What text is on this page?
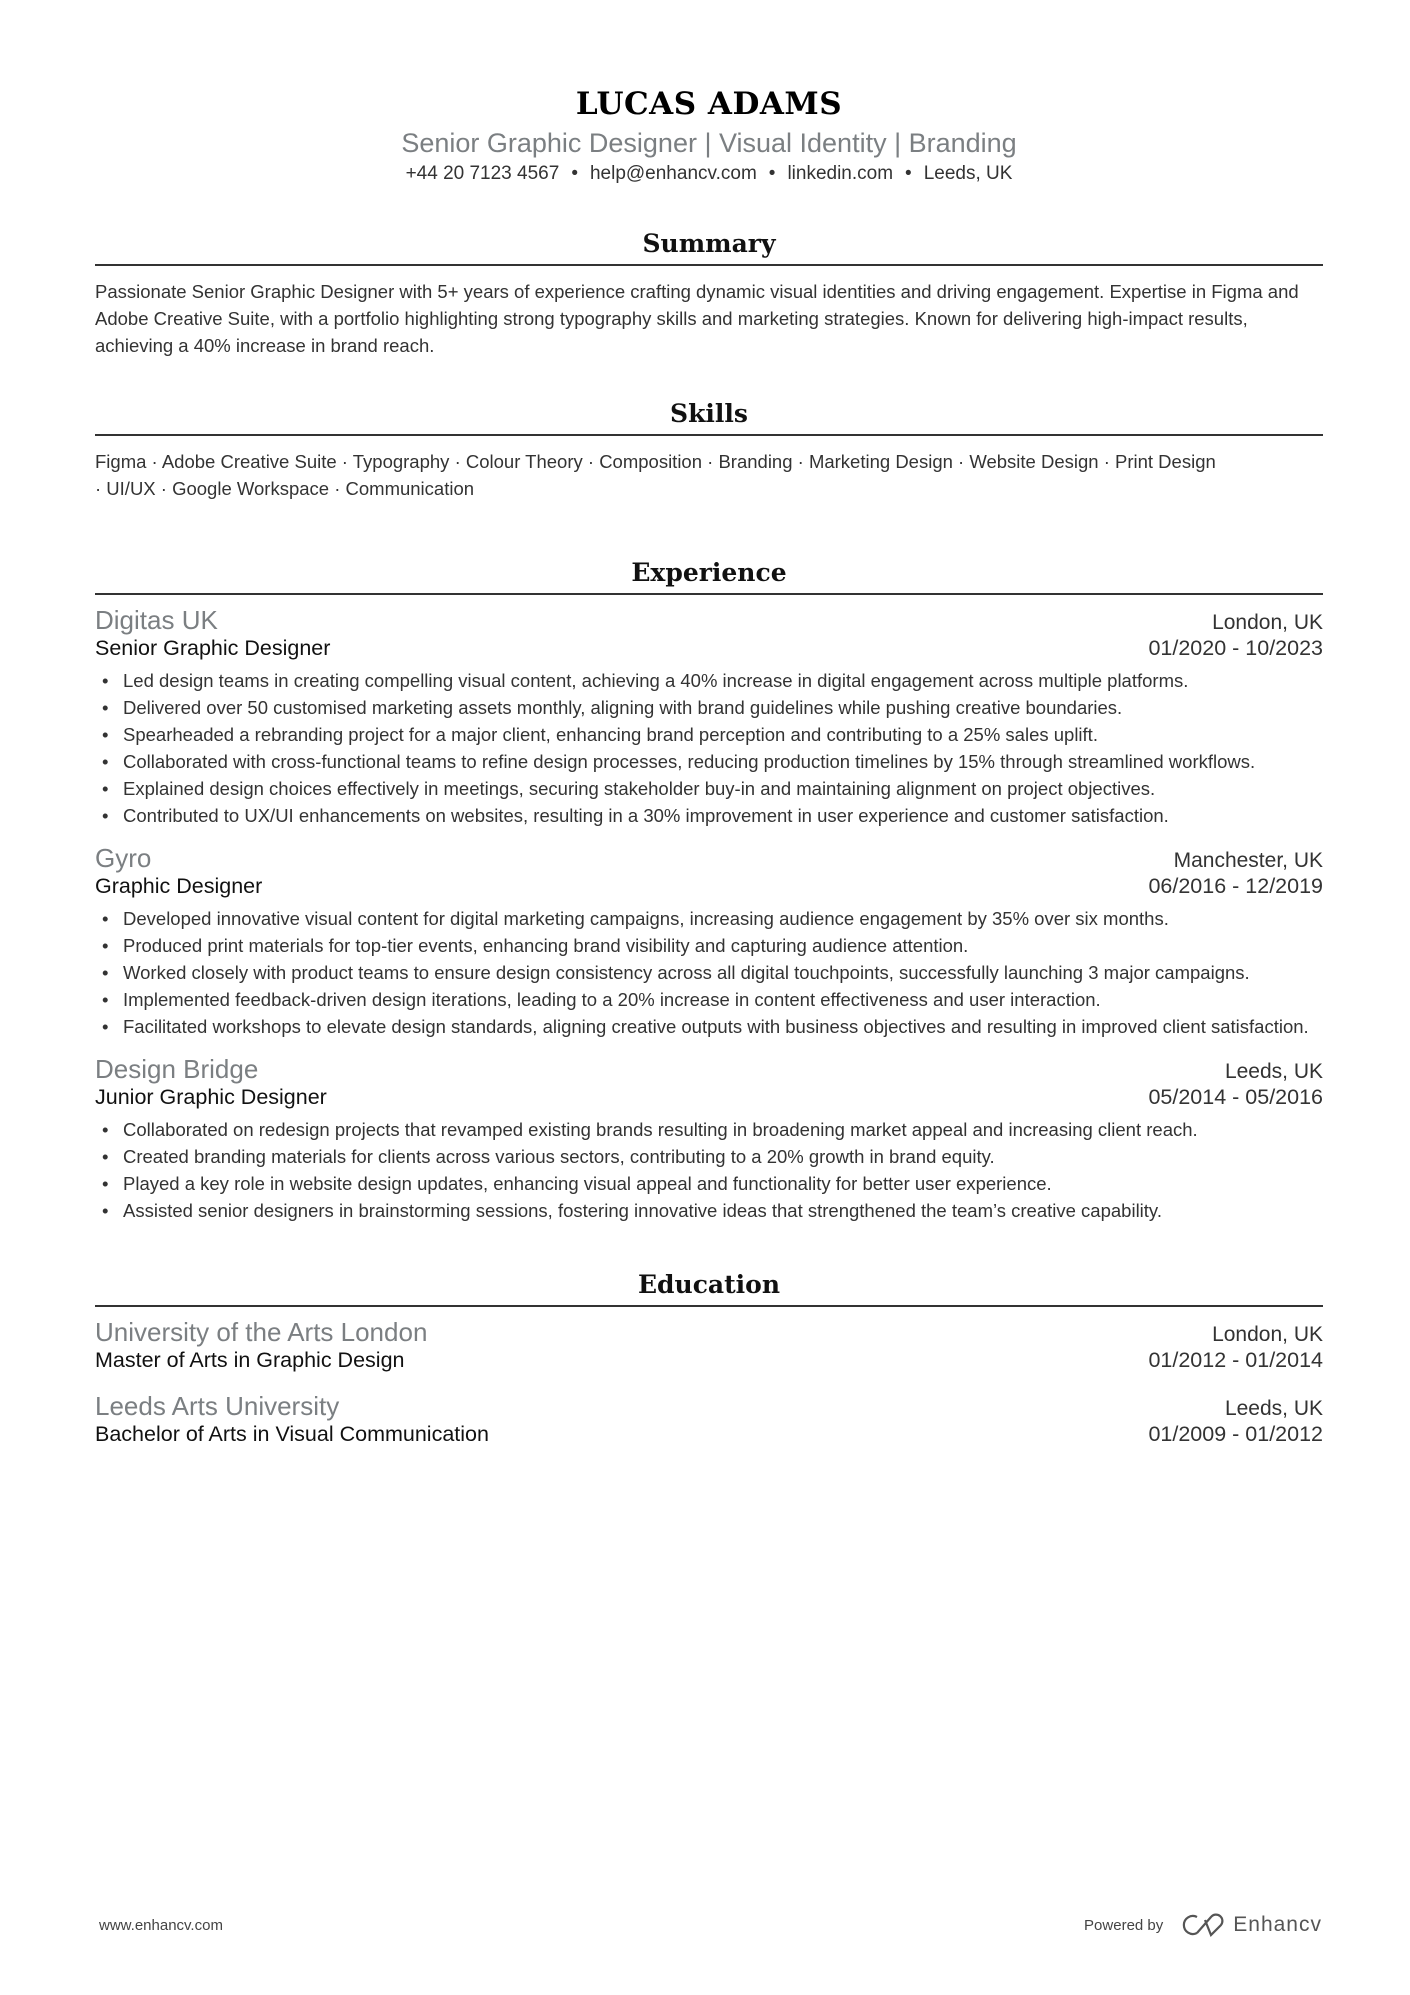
LUCAS ADAMS
Senior Graphic Designer | Visual Identity | Branding
+44 20 7123 4567 • help@enhancv.com • linkedin.com • Leeds, UK
Summary
Passionate Senior Graphic Designer with 5+ years of experience crafting dynamic visual identities and driving engagement. Expertise in Figma and Adobe Creative Suite, with a portfolio highlighting strong typography skills and marketing strategies. Known for delivering high-impact results, achieving a 40% increase in brand reach.
Skills
Figma · Adobe Creative Suite · Typography · Colour Theory · Composition · Branding · Marketing Design · Website Design · Print Design · UI/UX · Google Workspace · Communication
Experience
Digitas UK	London, UK
Senior Graphic Designer	01/2020 - 10/2023
• Led design teams in creating compelling visual content, achieving a 40% increase in digital engagement across multiple platforms.
• Delivered over 50 customised marketing assets monthly, aligning with brand guidelines while pushing creative boundaries.
• Spearheaded a rebranding project for a major client, enhancing brand perception and contributing to a 25% sales uplift.
• Collaborated with cross-functional teams to refine design processes, reducing production timelines by 15% through streamlined workflows.
• Explained design choices effectively in meetings, securing stakeholder buy-in and maintaining alignment on project objectives.
• Contributed to UX/UI enhancements on websites, resulting in a 30% improvement in user experience and customer satisfaction.
Gyro	Manchester, UK
Graphic Designer	06/2016 - 12/2019
• Developed innovative visual content for digital marketing campaigns, increasing audience engagement by 35% over six months.
• Produced print materials for top-tier events, enhancing brand visibility and capturing audience attention.
• Worked closely with product teams to ensure design consistency across all digital touchpoints, successfully launching 3 major campaigns.
• Implemented feedback-driven design iterations, leading to a 20% increase in content effectiveness and user interaction.
• Facilitated workshops to elevate design standards, aligning creative outputs with business objectives and resulting in improved client satisfaction.
Design Bridge	Leeds, UK
Junior Graphic Designer	05/2014 - 05/2016
• Collaborated on redesign projects that revamped existing brands resulting in broadening market appeal and increasing client reach.
• Created branding materials for clients across various sectors, contributing to a 20% growth in brand equity.
• Played a key role in website design updates, enhancing visual appeal and functionality for better user experience.
• Assisted senior designers in brainstorming sessions, fostering innovative ideas that strengthened the team’s creative capability.
Education
University of the Arts London	London, UK
Master of Arts in Graphic Design	01/2012 - 01/2014
Leeds Arts University	Leeds, UK
Bachelor of Arts in Visual Communication	01/2009 - 01/2012
www.enhancv.com	Powered by	Enhancv
